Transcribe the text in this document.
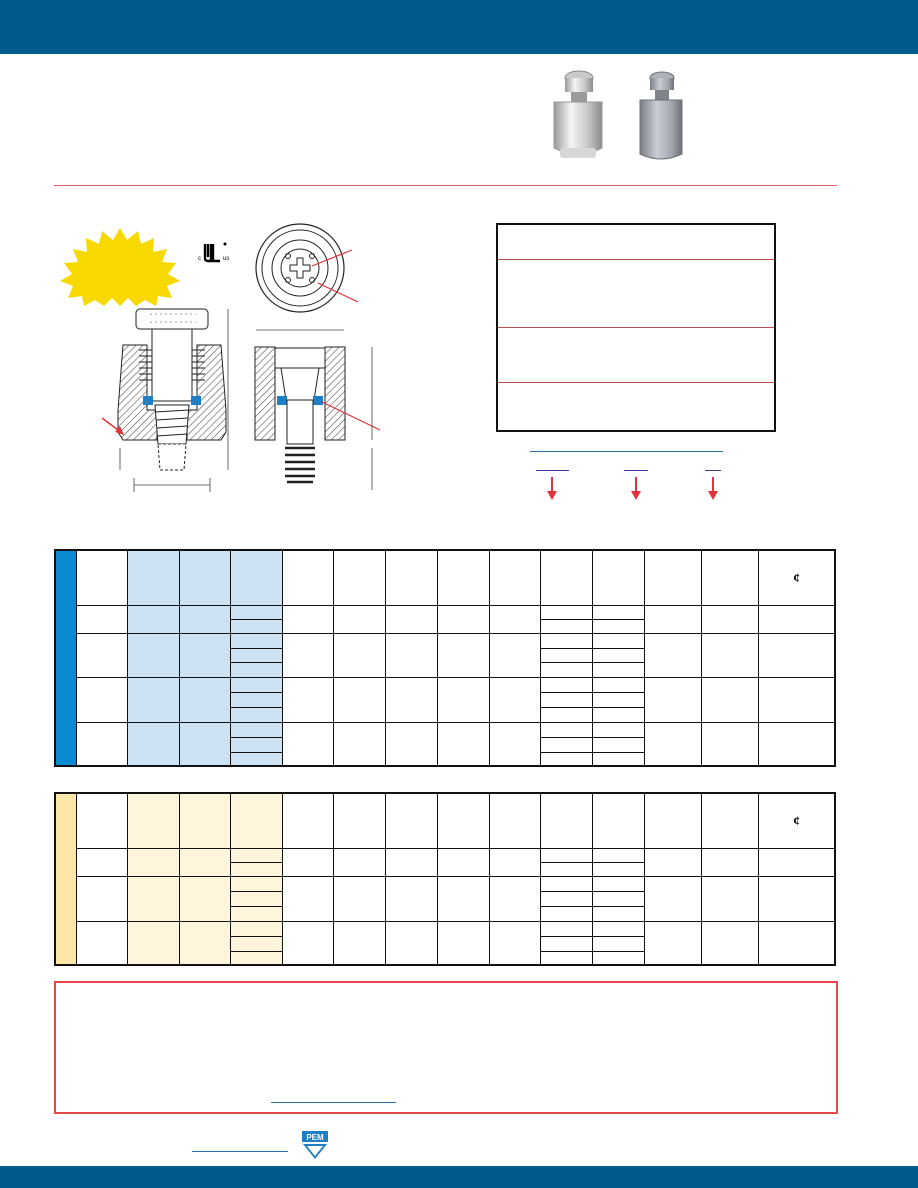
c	us
														¢

														¢

PEM
